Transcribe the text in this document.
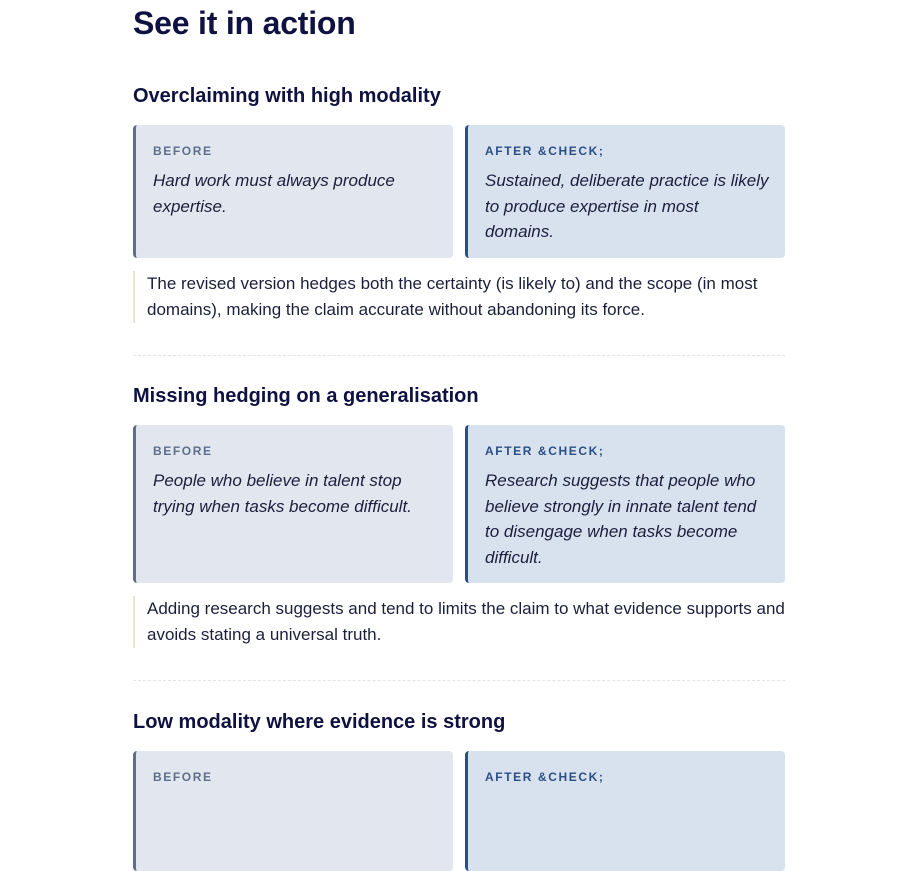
See it in action
Overclaiming with high modality
BEFORE
Hard work must always produce expertise.
AFTER &CHECK;
Sustained, deliberate practice is likely to produce expertise in most domains.
The revised version hedges both the certainty (is likely to) and the scope (in most domains), making the claim accurate without abandoning its force.
Missing hedging on a generalisation
BEFORE
People who believe in talent stop trying when tasks become difficult.
AFTER &CHECK;
Research suggests that people who believe strongly in innate talent tend to disengage when tasks become difficult.
Adding research suggests and tend to limits the claim to what evidence supports and avoids stating a universal truth.
Low modality where evidence is strong
BEFORE	AFTER &CHECK;
